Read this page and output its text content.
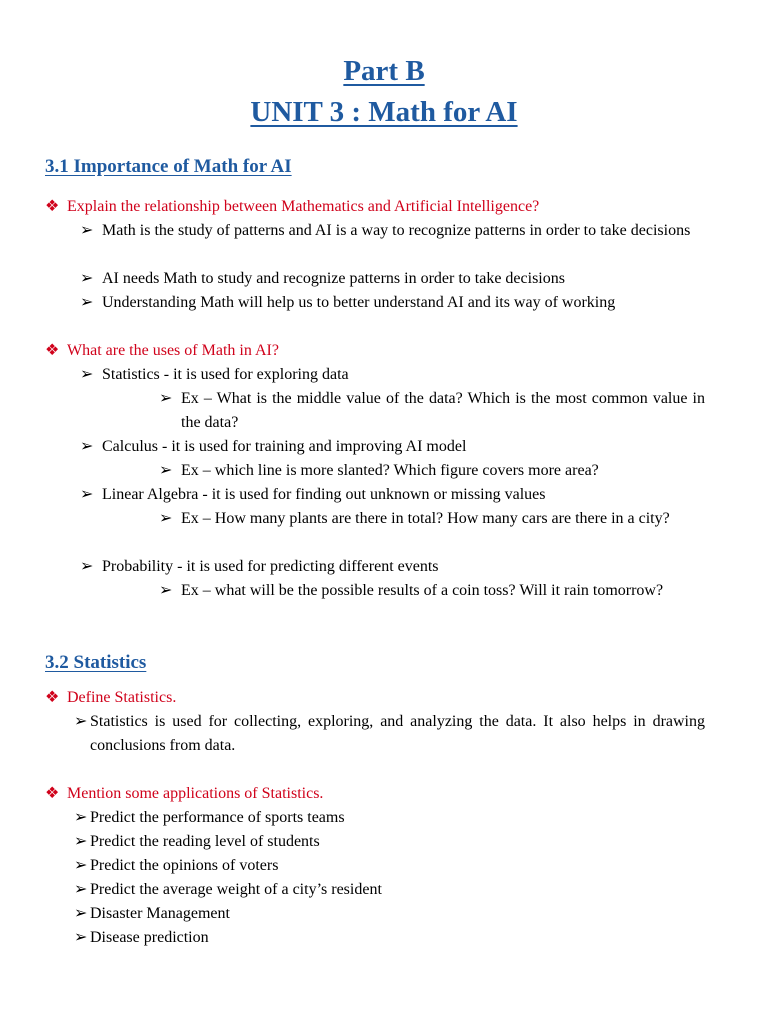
Part B
UNIT 3 : Math for AI
3.1 Importance of Math for AI
❖ Explain the relationship between Mathematics and Artificial Intelligence?
➢ Math is the study of patterns and AI is a way to recognize patterns in order to take decisions
➢ AI needs Math to study and recognize patterns in order to take decisions
➢ Understanding Math will help us to better understand AI and its way of working
❖ What are the uses of Math in AI?
➢ Statistics - it is used for exploring data
➢ Ex – What is the middle value of the data? Which is the most common value in the data?
➢ Calculus - it is used for training and improving AI model
➢ Ex – which line is more slanted? Which figure covers more area?
➢ Linear Algebra - it is used for finding out unknown or missing values
➢ Ex – How many plants are there in total? How many cars are there in a city?
➢ Probability - it is used for predicting different events
➢ Ex – what will be the possible results of a coin toss? Will it rain tomorrow?
3.2 Statistics
❖ Define Statistics.
➢ Statistics is used for collecting, exploring, and analyzing the data. It also helps in drawing conclusions from data.
❖ Mention some applications of Statistics.
➢ Predict the performance of sports teams
➢ Predict the reading level of students
➢ Predict the opinions of voters
➢ Predict the average weight of a city’s resident
➢ Disaster Management
➢ Disease prediction
